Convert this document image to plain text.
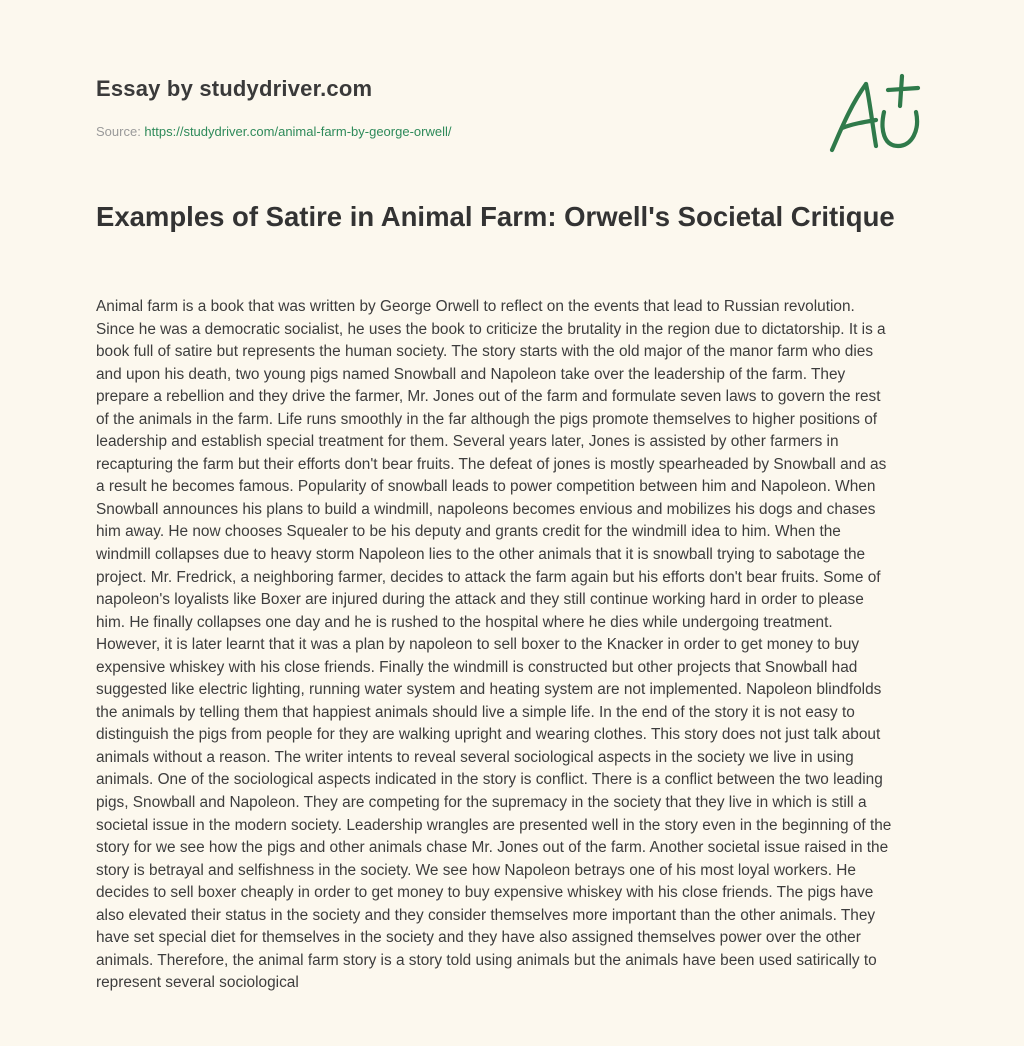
Essay by studydriver.com
Source: https://studydriver.com/animal-farm-by-george-orwell/
Examples of Satire in Animal Farm: Orwell's Societal Critique

Animal farm is a book that was written by George Orwell to reflect on the events that lead to Russian revolution.
Since he was a democratic socialist, he uses the book to criticize the brutality in the region due to dictatorship. It is a
book full of satire but represents the human society. The story starts with the old major of the manor farm who dies
and upon his death, two young pigs named Snowball and Napoleon take over the leadership of the farm. They
prepare a rebellion and they drive the farmer, Mr. Jones out of the farm and formulate seven laws to govern the rest
of the animals in the farm. Life runs smoothly in the far although the pigs promote themselves to higher positions of
leadership and establish special treatment for them. Several years later, Jones is assisted by other farmers in
recapturing the farm but their efforts don't bear fruits. The defeat of jones is mostly spearheaded by Snowball and as
a result he becomes famous. Popularity of snowball leads to power competition between him and Napoleon. When
Snowball announces his plans to build a windmill, napoleons becomes envious and mobilizes his dogs and chases
him away. He now chooses Squealer to be his deputy and grants credit for the windmill idea to him. When the
windmill collapses due to heavy storm Napoleon lies to the other animals that it is snowball trying to sabotage the
project. Mr. Fredrick, a neighboring farmer, decides to attack the farm again but his efforts don't bear fruits. Some of
napoleon's loyalists like Boxer are injured during the attack and they still continue working hard in order to please
him. He finally collapses one day and he is rushed to the hospital where he dies while undergoing treatment.
However, it is later learnt that it was a plan by napoleon to sell boxer to the Knacker in order to get money to buy
expensive whiskey with his close friends. Finally the windmill is constructed but other projects that Snowball had
suggested like electric lighting, running water system and heating system are not implemented. Napoleon blindfolds
the animals by telling them that happiest animals should live a simple life. In the end of the story it is not easy to
distinguish the pigs from people for they are walking upright and wearing clothes. This story does not just talk about
animals without a reason. The writer intents to reveal several sociological aspects in the society we live in using
animals. One of the sociological aspects indicated in the story is conflict. There is a conflict between the two leading
pigs, Snowball and Napoleon. They are competing for the supremacy in the society that they live in which is still a
societal issue in the modern society. Leadership wrangles are presented well in the story even in the beginning of the
story for we see how the pigs and other animals chase Mr. Jones out of the farm. Another societal issue raised in the
story is betrayal and selfishness in the society. We see how Napoleon betrays one of his most loyal workers. He
decides to sell boxer cheaply in order to get money to buy expensive whiskey with his close friends. The pigs have
also elevated their status in the society and they consider themselves more important than the other animals. They
have set special diet for themselves in the society and they have also assigned themselves power over the other
animals. Therefore, the animal farm story is a story told using animals but the animals have been used satirically to
represent several sociological
